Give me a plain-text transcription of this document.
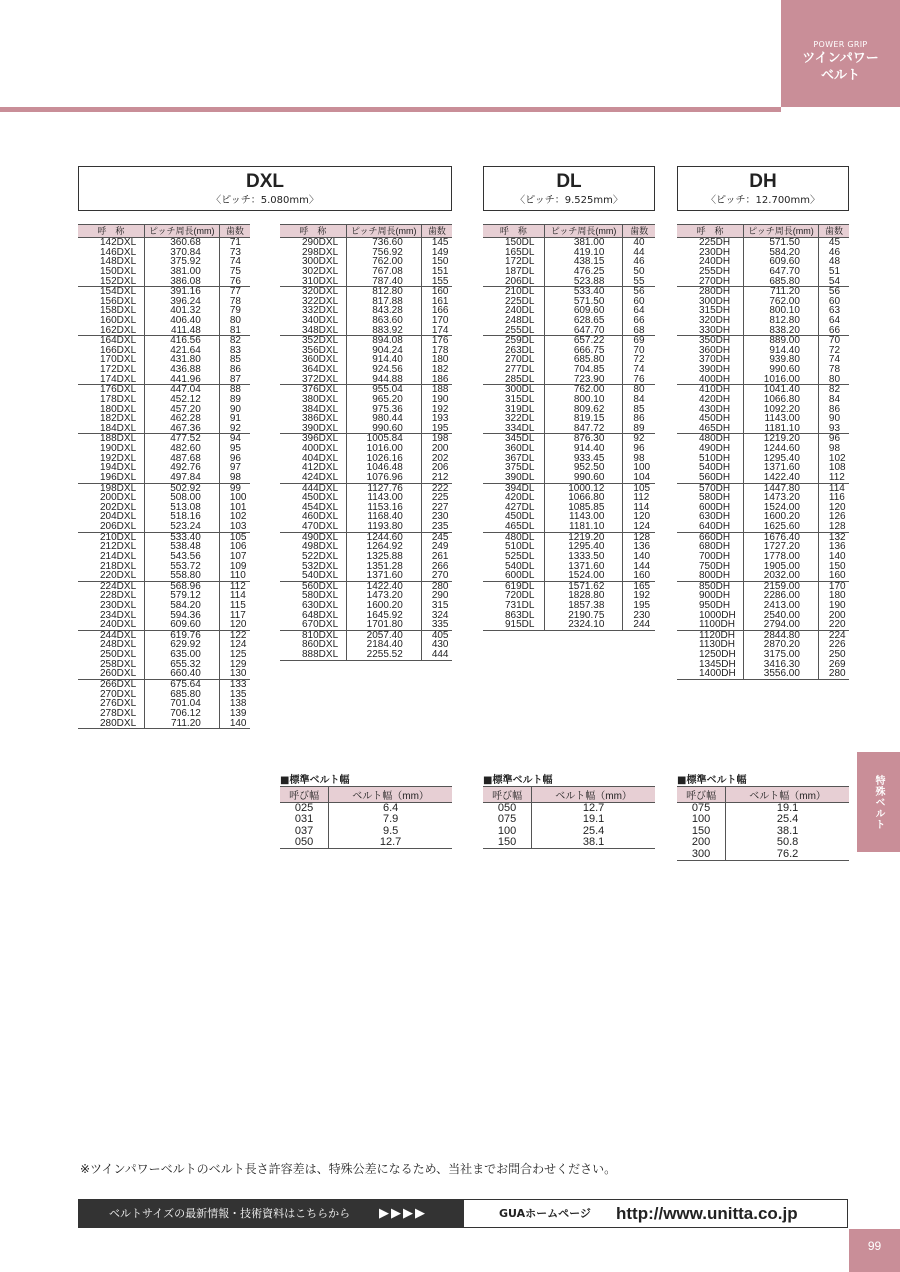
POWER GRIP
ツインパワー
ベルト
DXL
〈ピッチ：5.080mm〉
DL
〈ピッチ：9.525mm〉
DH
〈ピッチ：12.700mm〉
呼　称	ピッチ周長(mm)	歯数
142DXL	360.68	71
146DXL	370.84	73
148DXL	375.92	74
150DXL	381.00	75
152DXL	386.08	76
154DXL	391.16	77
156DXL	396.24	78
158DXL	401.32	79
160DXL	406.40	80
162DXL	411.48	81
164DXL	416.56	82
166DXL	421.64	83
170DXL	431.80	85
172DXL	436.88	86
174DXL	441.96	87
176DXL	447.04	88
178DXL	452.12	89
180DXL	457.20	90
182DXL	462.28	91
184DXL	467.36	92
188DXL	477.52	94
190DXL	482.60	95
192DXL	487.68	96
194DXL	492.76	97
196DXL	497.84	98
198DXL	502.92	99
200DXL	508.00	100
202DXL	513.08	101
204DXL	518.16	102
206DXL	523.24	103
210DXL	533.40	105
212DXL	538.48	106
214DXL	543.56	107
218DXL	553.72	109
220DXL	558.80	110
224DXL	568.96	112
228DXL	579.12	114
230DXL	584.20	115
234DXL	594.36	117
240DXL	609.60	120
244DXL	619.76	122
248DXL	629.92	124
250DXL	635.00	125
258DXL	655.32	129
260DXL	660.40	130
266DXL	675.64	133
270DXL	685.80	135
276DXL	701.04	138
278DXL	706.12	139
280DXL	711.20	140
呼　称	ピッチ周長(mm)	歯数
290DXL	736.60	145
298DXL	756.92	149
300DXL	762.00	150
302DXL	767.08	151
310DXL	787.40	155
320DXL	812.80	160
322DXL	817.88	161
332DXL	843.28	166
340DXL	863.60	170
348DXL	883.92	174
352DXL	894.08	176
356DXL	904.24	178
360DXL	914.40	180
364DXL	924.56	182
372DXL	944.88	186
376DXL	955.04	188
380DXL	965.20	190
384DXL	975.36	192
386DXL	980.44	193
390DXL	990.60	195
396DXL	1005.84	198
400DXL	1016.00	200
404DXL	1026.16	202
412DXL	1046.48	206
424DXL	1076.96	212
444DXL	1127.76	222
450DXL	1143.00	225
454DXL	1153.16	227
460DXL	1168.40	230
470DXL	1193.80	235
490DXL	1244.60	245
498DXL	1264.92	249
522DXL	1325.88	261
532DXL	1351.28	266
540DXL	1371.60	270
560DXL	1422.40	280
580DXL	1473.20	290
630DXL	1600.20	315
648DXL	1645.92	324
670DXL	1701.80	335
810DXL	2057.40	405
860DXL	2184.40	430
888DXL	2255.52	444
呼　称	ピッチ周長(mm)	歯数
150DL	381.00	40
165DL	419.10	44
172DL	438.15	46
187DL	476.25	50
206DL	523.88	55
210DL	533.40	56
225DL	571.50	60
240DL	609.60	64
248DL	628.65	66
255DL	647.70	68
259DL	657.22	69
263DL	666.75	70
270DL	685.80	72
277DL	704.85	74
285DL	723.90	76
300DL	762.00	80
315DL	800.10	84
319DL	809.62	85
322DL	819.15	86
334DL	847.72	89
345DL	876.30	92
360DL	914.40	96
367DL	933.45	98
375DL	952.50	100
390DL	990.60	104
394DL	1000.12	105
420DL	1066.80	112
427DL	1085.85	114
450DL	1143.00	120
465DL	1181.10	124
480DL	1219.20	128
510DL	1295.40	136
525DL	1333.50	140
540DL	1371.60	144
600DL	1524.00	160
619DL	1571.62	165
720DL	1828.80	192
731DL	1857.38	195
863DL	2190.75	230
915DL	2324.10	244
呼　称	ピッチ周長(mm)	歯数
225DH	571.50	45
230DH	584.20	46
240DH	609.60	48
255DH	647.70	51
270DH	685.80	54
280DH	711.20	56
300DH	762.00	60
315DH	800.10	63
320DH	812.80	64
330DH	838.20	66
350DH	889.00	70
360DH	914.40	72
370DH	939.80	74
390DH	990.60	78
400DH	1016.00	80
410DH	1041.40	82
420DH	1066.80	84
430DH	1092.20	86
450DH	1143.00	90
465DH	1181.10	93
480DH	1219.20	96
490DH	1244.60	98
510DH	1295.40	102
540DH	1371.60	108
560DH	1422.40	112
570DH	1447.80	114
580DH	1473.20	116
600DH	1524.00	120
630DH	1600.20	126
640DH	1625.60	128
660DH	1676.40	132
680DH	1727.20	136
700DH	1778.00	140
750DH	1905.00	150
800DH	2032.00	160
850DH	2159.00	170
900DH	2286.00	180
950DH	2413.00	190
1000DH	2540.00	200
1100DH	2794.00	220
1120DH	2844.80	224
1130DH	2870.20	226
1250DH	3175.00	250
1345DH	3416.30	269
1400DH	3556.00	280
■標準ベルト幅	■標準ベルト幅	■標準ベルト幅
呼び幅	ベルト幅（mm）
025	6.4
031	7.9
037	9.5
050	12.7
呼び幅	ベルト幅（mm）
050	12.7
075	19.1
100	25.4
150	38.1
呼び幅	ベルト幅（mm）
075	19.1
100	25.4
150	38.1
200	50.8
300	76.2
特殊ベルト
※ツインパワーベルトのベルト長さ許容差は、特殊公差になるため、当社までお問合わせください。
ベルトサイズの最新情報・技術資料はこちらから	▶▶▶▶	GUAホームページ http://www.unitta.co.jp
99
